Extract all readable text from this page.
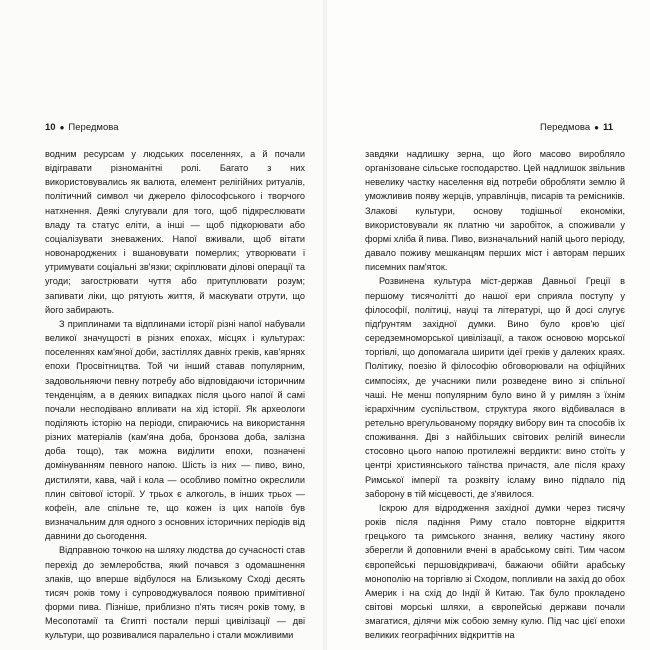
10 ● Передмова	Передмова ● 11

водним ресурсам у людських поселеннях, а й почали відігравати різноманітні ролі. Багато з них використовувались як валюта, елемент релігійних ритуалів, політичний символ чи джерело філософського і творчого натхнення. Деякі слугували для того, щоб підкреслювати владу та статус еліти, а інші — щоб підкорювати або соціалізувати зневажених. Напої вживали, щоб вітати новонароджених і вшановувати померлих; утворювати і утримувати соціальні зв'язки; скріплювати ділові операції та угоди; загострювати чуття або притуплювати розум; запивати ліки, що рятують життя, й маскувати отрути, що його забирають.

З приплинами та відплинами історії різні напої набували великої значущості в різних епохах, місцях і культурах: поселеннях кам'яної доби, застіллях давніх греків, кав'ярнях епохи Просвітництва. Той чи інший ставав популярним, задовольняючи певну потребу або відповідаючи історичним тенденціям, а в деяких випадках після цього напої й самі почали несподівано впливати на хід історії. Як археологи поділяють історію на періоди, спираючись на використання різних матеріалів (кам'яна доба, бронзова доба, залізна доба тощо), так можна виділити епохи, позначені домінуванням певного напою. Шість із них — пиво, вино, дистиляти, кава, чай і кола — особливо помітно окреслили плин світової історії. У трьох є алкоголь, в інших трьох — кофеїн, але спільне те, що кожен із цих напоїв був визначальним для одного з основних історичних періодів від давнини до сьогодення.

Відправною точкою на шляху людства до сучасності став перехід до землеробства, який почався з одомашнення злаків, що вперше відбулося на Близькому Сході десять тисяч років тому і супроводжувалося появою примітивної форми пива. Пізніше, приблизно п'ять тисяч років тому, в Месопотамії та Єгипті постали перші цивілізації — дві культури, що розвивалися паралельно і стали можливими

завдяки надлишку зерна, що його масово виробляло організоване сільське господарство. Цей надлишок звільнив невелику частку населення від потреби обробляти землю й уможливив появу жерців, управлінців, писарів та ремісників. Злакові культури, основу тодішньої економіки, використовували як платню чи заробіток, а споживали у формі хліба й пива. Пиво, визначальний напій цього періоду, давало поживу мешканцям перших міст і авторам перших писемних пам'яток.

Розвинена культура міст-держав Давньої Греції в першому тисячолітті до нашої ери сприяла поступу у філософії, політиці, науці та літературі, що й досі слугує підґрунтям західної думки. Вино було кров'ю цієї середземноморської цивілізації, а також основою морської торгівлі, що допомагала ширити ідеї греків у далеких краях. Політику, поезію й філософію обговорювали на офіційних симпосіях, де учасники пили розведене вино зі спільної чаші. Не менш популярним було вино й у римлян з їхнім ієрархічним суспільством, структура якого відбивалася в ретельно врегульованому порядку вибору вин та способів їх споживання. Дві з найбільших світових релігій винесли стосовно цього напою протилежні вердикти: вино стоїть у центрі християнського таїнства причастя, але після краху Римської імперії та розквіту ісламу вино підпало під заборону в тій місцевості, де з'явилося.

Іскрою для відродження західної думки через тисячу років після падіння Риму стало повторне відкриття грецького та римського знання, велику частину якого зберегли й доповнили вчені в арабському світі. Тим часом європейські першовідкривачі, бажаючи обійти арабську монополію на торгівлю зі Сходом, попливли на захід до обох Америк і на схід до Індії й Китаю. Так було прокладено світові морські шляхи, а європейські держави почали змагатися, ділячи між собою земну кулю. Під час цієї епохи великих географічних відкриттів на
